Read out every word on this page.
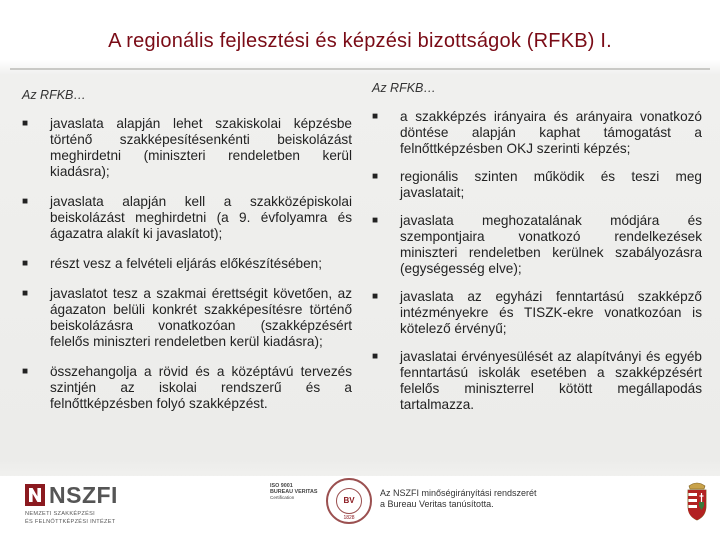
A regionális fejlesztési és képzési bizottságok (RFKB) I.
Az RFKB…
■ javaslata alapján lehet szakiskolai képzésbe történő szakképesítésenkénti beiskolázást meghirdetni (miniszteri rendeletben kerül kiadásra);
■ javaslata alapján kell a szakközépiskolai beiskolázást meghirdetni (a 9. évfolyamra és ágazatra alakít ki javaslatot);
■ részt vesz a felvételi eljárás előkészítésében;
■ javaslatot tesz a szakmai érettségit követően, az ágazaton belüli konkrét szakképesítésre történő beiskolázásra vonatkozóan (szakképzésért felelős miniszteri rendeletben kerül kiadásra);
■ összehangolja a rövid és a középtávú tervezés szintjén az iskolai rendszerű és a felnőttképzésben folyó szakképzést.
Az RFKB…
■ a szakképzés irányaira és arányaira vonatkozó döntése alapján kaphat támogatást a felnőttképzésben OKJ szerinti képzés;
■ regionális szinten működik és teszi meg javaslatait;
■ javaslata meghozatalának módjára és szempontjaira vonatkozó rendelkezések miniszteri rendeletben kerülnek szabályozásra (egységesség elve);
■ javaslata az egyházi fenntartású szakképző intézményekre és TISZK-ekre vonatkozóan is kötelező érvényű;
■ javaslatai érvényesülését az alapítványi és egyéb fenntartású iskolák esetében a szakképzésért felelős miniszterrel kötött megállapodás tartalmazza.
NSZFI
NEMZETI SZAKKÉPZÉSI
ÉS FELNŐTTKÉPZÉSI INTÉZET
ISO 9001
BUREAU VERITAS
Certification	BV
1828
Az NSZFI minőségirányítási rendszerét a Bureau Veritas tanúsította.
